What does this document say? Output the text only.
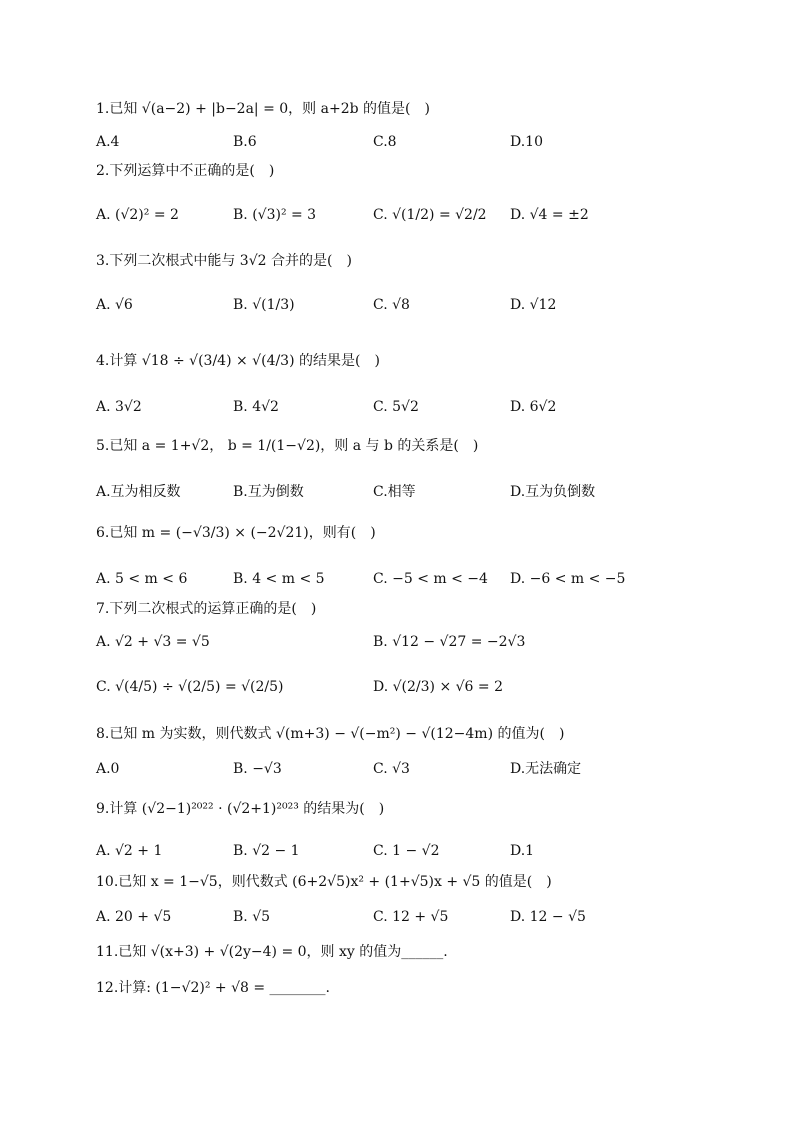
1.已知 √(a−2) + |b−2a| = 0，则 a+2b 的值是(　)
A.4	B.6	C.8	D.10
2.下列运算中不正确的是(　)
A. (√2)² = 2	B. (√3)² = 3	C. √(1/2) = √2/2 D. √4 = ±2
3.下列二次根式中能与 3√2 合并的是(　)
A. √6	B. √(1/3)	C. √8	D. √12
4.计算 √18 ÷ √(3/4) × √(4/3) 的结果是(　)
A. 3√2	B. 4√2	C. 5√2	D. 6√2
5.已知 a = 1+√2， b = 1/(1−√2)，则 a 与 b 的关系是(　)
A.互为相反数	B.互为倒数	C.相等	D.互为负倒数
6.已知 m = (−√3/3) × (−2√21)，则有(　)
A. 5 < m < 6	B. 4 < m < 5	C. −5 < m < −4 D. −6 < m < −5
7.下列二次根式的运算正确的是(　)
A. √2 + √3 = √5	B. √12 − √27 = −2√3
C. √(4/5) ÷ √(2/5) = √(2/5)	D. √(2/3) × √6 = 2
8.已知 m 为实数，则代数式 √(m+3) − √(−m²) − √(12−4m) 的值为(　)
A.0	B. −√3	C. √3	D.无法确定
9.计算 (√2−1)²⁰²² · (√2+1)²⁰²³ 的结果为(　)
A. √2 + 1	B. √2 − 1	C. 1 − √2	D.1
10.已知 x = 1−√5，则代数式 (6+2√5)x² + (1+√5)x + √5 的值是(　)
A. 20 + √5	B. √5	C. 12 + √5	D. 12 − √5
11.已知 √(x+3) + √(2y−4) = 0，则 xy 的值为______.
12.计算: (1−√2)² + √8 = ________.
